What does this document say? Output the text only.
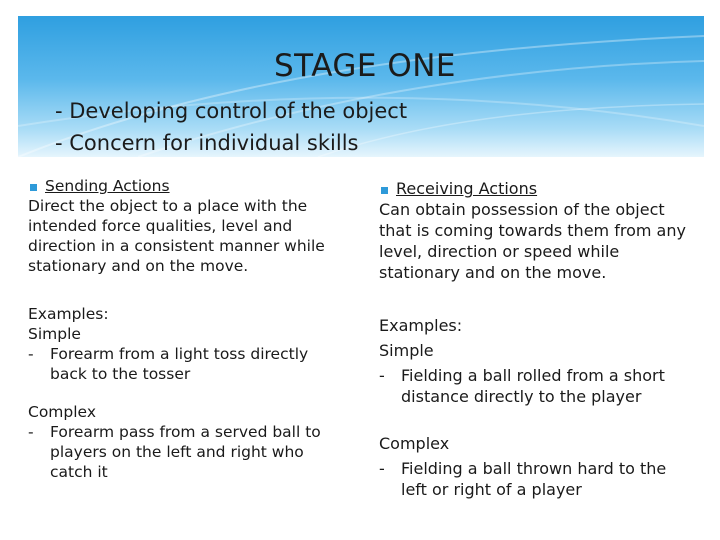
STAGE ONE
- Developing control of the object
- Concern for individual skills
Sending Actions

Direct the object to a place with the intended force qualities, level and direction in a consistent manner while stationary and on the move.

Examples:
Simple
-	Forearm from a light toss directly back to the tosser
Complex
-	Forearm pass from a served ball to players on the left and right who catch it
Receiving Actions

Can obtain possession of the object that is coming towards them from any level, direction or speed while stationary and on the move.

Examples:
Simple
-	Fielding a ball rolled from a short distance directly to the player
Complex
-	Fielding a ball thrown hard to the left or right of a player
